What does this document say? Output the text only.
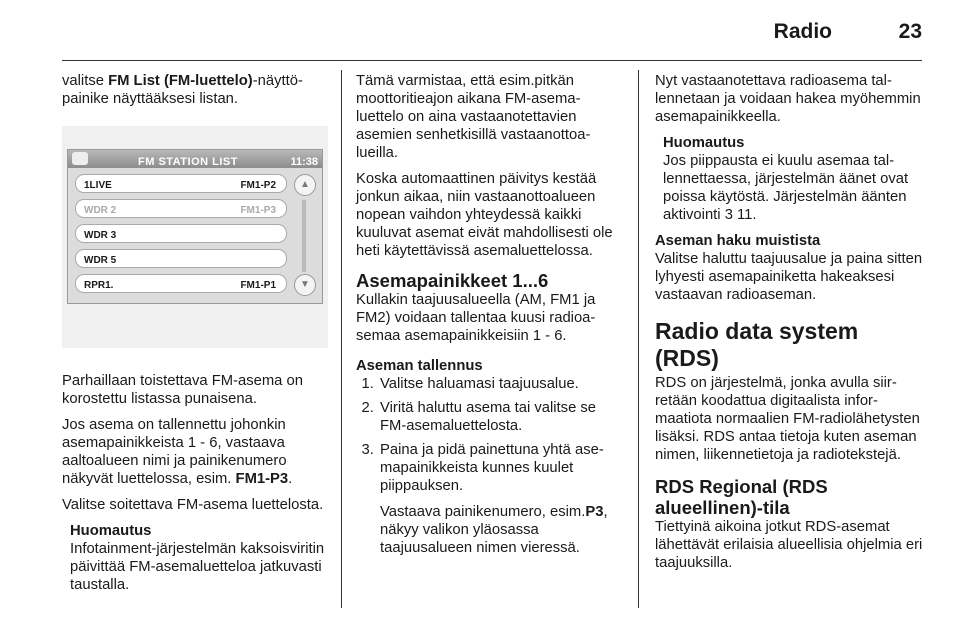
Radio	23

valitse FM List (FM-luettelo)-näyttöpainike näyttääksesi listan.

FM STATION LIST	11:38
1LIVE	FM1-P2
WDR 2	FM1-P3
WDR 3
WDR 5
RPR1.	FM1-P1
▲
▼

Parhaillaan toistettava FM-asema on korostettu listassa punaisena.

Jos asema on tallennettu johonkin asemapainikkeista 1 - 6, vastaava aaltoalueen nimi ja painikenumero näkyvät luettelossa, esim. FM1-P3.

Valitse soitettava FM-asema luettelosta.

Huomautus
Infotainment-järjestelmän kaksoisviritin päivittää FM-asemaluetteloa jatkuvasti taustalla.

Tämä varmistaa, että esim.pitkän moottoritieajon aikana FM-asemaluettelo on aina vastaanotettavien asemien senhetkisillä vastaanottoalueilla.

Koska automaattinen päivitys kestää jonkun aikaa, niin vastaanottoalueen nopean vaihdon yhteydessä kaikki kuuluvat asemat eivät mahdollisesti ole heti käytettävissä asemaluettelossa.

Asemapainikkeet 1...6

Kullakin taajuusalueella (AM, FM1 ja FM2) voidaan tallentaa kuusi radioasemaa asemapainikkeisiin 1 - 6.

Aseman tallennus
1. Valitse haluamasi taajuusalue.
2. Viritä haluttu asema tai valitse se FM-asemaluettelosta.
3. Paina ja pidä painettuna yhtä asemapainikkeista kunnes kuulet piippauksen.
Vastaava painikenumero, esim.P3, näkyy valikon yläosassa taajuusalueen nimen vieressä.

Nyt vastaanotettava radioasema tallennetaan ja voidaan hakea myöhemmin asemapainikkeella.

Huomautus
Jos piippausta ei kuulu asemaa tallennettaessa, järjestelmän äänet ovat poissa käytöstä. Järjestelmän äänten aktivointi 3 11.
Aseman haku muistista

Valitse haluttu taajuusalue ja paina sitten lyhyesti asemapainiketta hakeaksesi vastaavan radioaseman.

Radio data system (RDS)

RDS on järjestelmä, jonka avulla siirretään koodattua digitaalista informaatiota normaalien FM-radiolähetysten lisäksi. RDS antaa tietoja kuten aseman nimen, liikennetietoja ja radiotekstejä.

RDS Regional (RDS alueellinen)-tila

Tiettyinä aikoina jotkut RDS-asemat lähettävät erilaisia alueellisia ohjelmia eri taajuuksilla.
